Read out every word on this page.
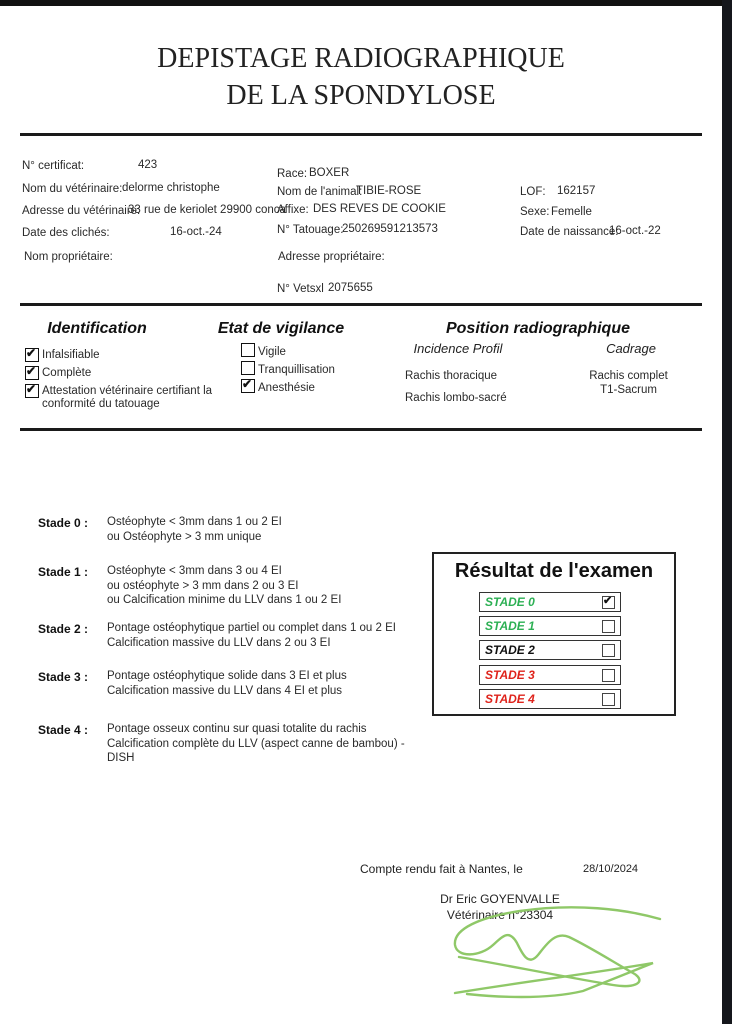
DEPISTAGE RADIOGRAPHIQUE
DE LA SPONDYLOSE
N° certificat:	423
Nom du vétérinaire: delorme christophe
Adresse du vétérinaire:
33 rue de keriolet 29900 conca
Date des clichés:	16-oct.-24
Nom propriétaire:
Race: BOXER
Nom de l'animal:
TIBIE-ROSE
Affixe: DES REVES DE COOKIE
N° Tatouage:
250269591213573
Adresse propriétaire:
N° Vetsxl 2075655
LOF: 162157
Sexe: Femelle
Date de naissance:
16-oct.-22
Identification	Etat de vigilance	Position radiographique
✔
Infalsifiable
✔
Complète
✔
Attestation vétérinaire certifiant la conformité du tatouage
Vigile
Tranquillisation
✔
Anesthésie
Incidence Profil	Cadrage
Rachis thoracique
Rachis lombo-sacré
Rachis complet
T1-Sacrum
Stade 0 : Ostéophyte < 3mm dans 1 ou 2 EI
ou Ostéophyte > 3 mm unique
Stade 1 : Ostéophyte < 3mm dans 3 ou 4 EI
ou ostéophyte > 3 mm dans 2 ou 3 EI
ou Calcification minime du LLV dans 1 ou 2 EI
Stade 2 : Pontage ostéophytique partiel ou complet dans 1 ou 2 EI
Calcification massive du LLV dans 2 ou 3 EI
Stade 3 : Pontage ostéophytique solide dans 3 EI et plus
Calcification massive du LLV dans 4 EI et plus
Stade 4 : Pontage osseux continu sur quasi totalite du rachis
Calcification complète du LLV (aspect canne de bambou) -
DISH
Résultat de l'examen
STADE 0
✔
STADE 1
STADE 2
STADE 3
STADE 4
Compte rendu fait à Nantes, le	28/10/2024
Dr Eric GOYENVALLE
Vétérinaire n°23304
